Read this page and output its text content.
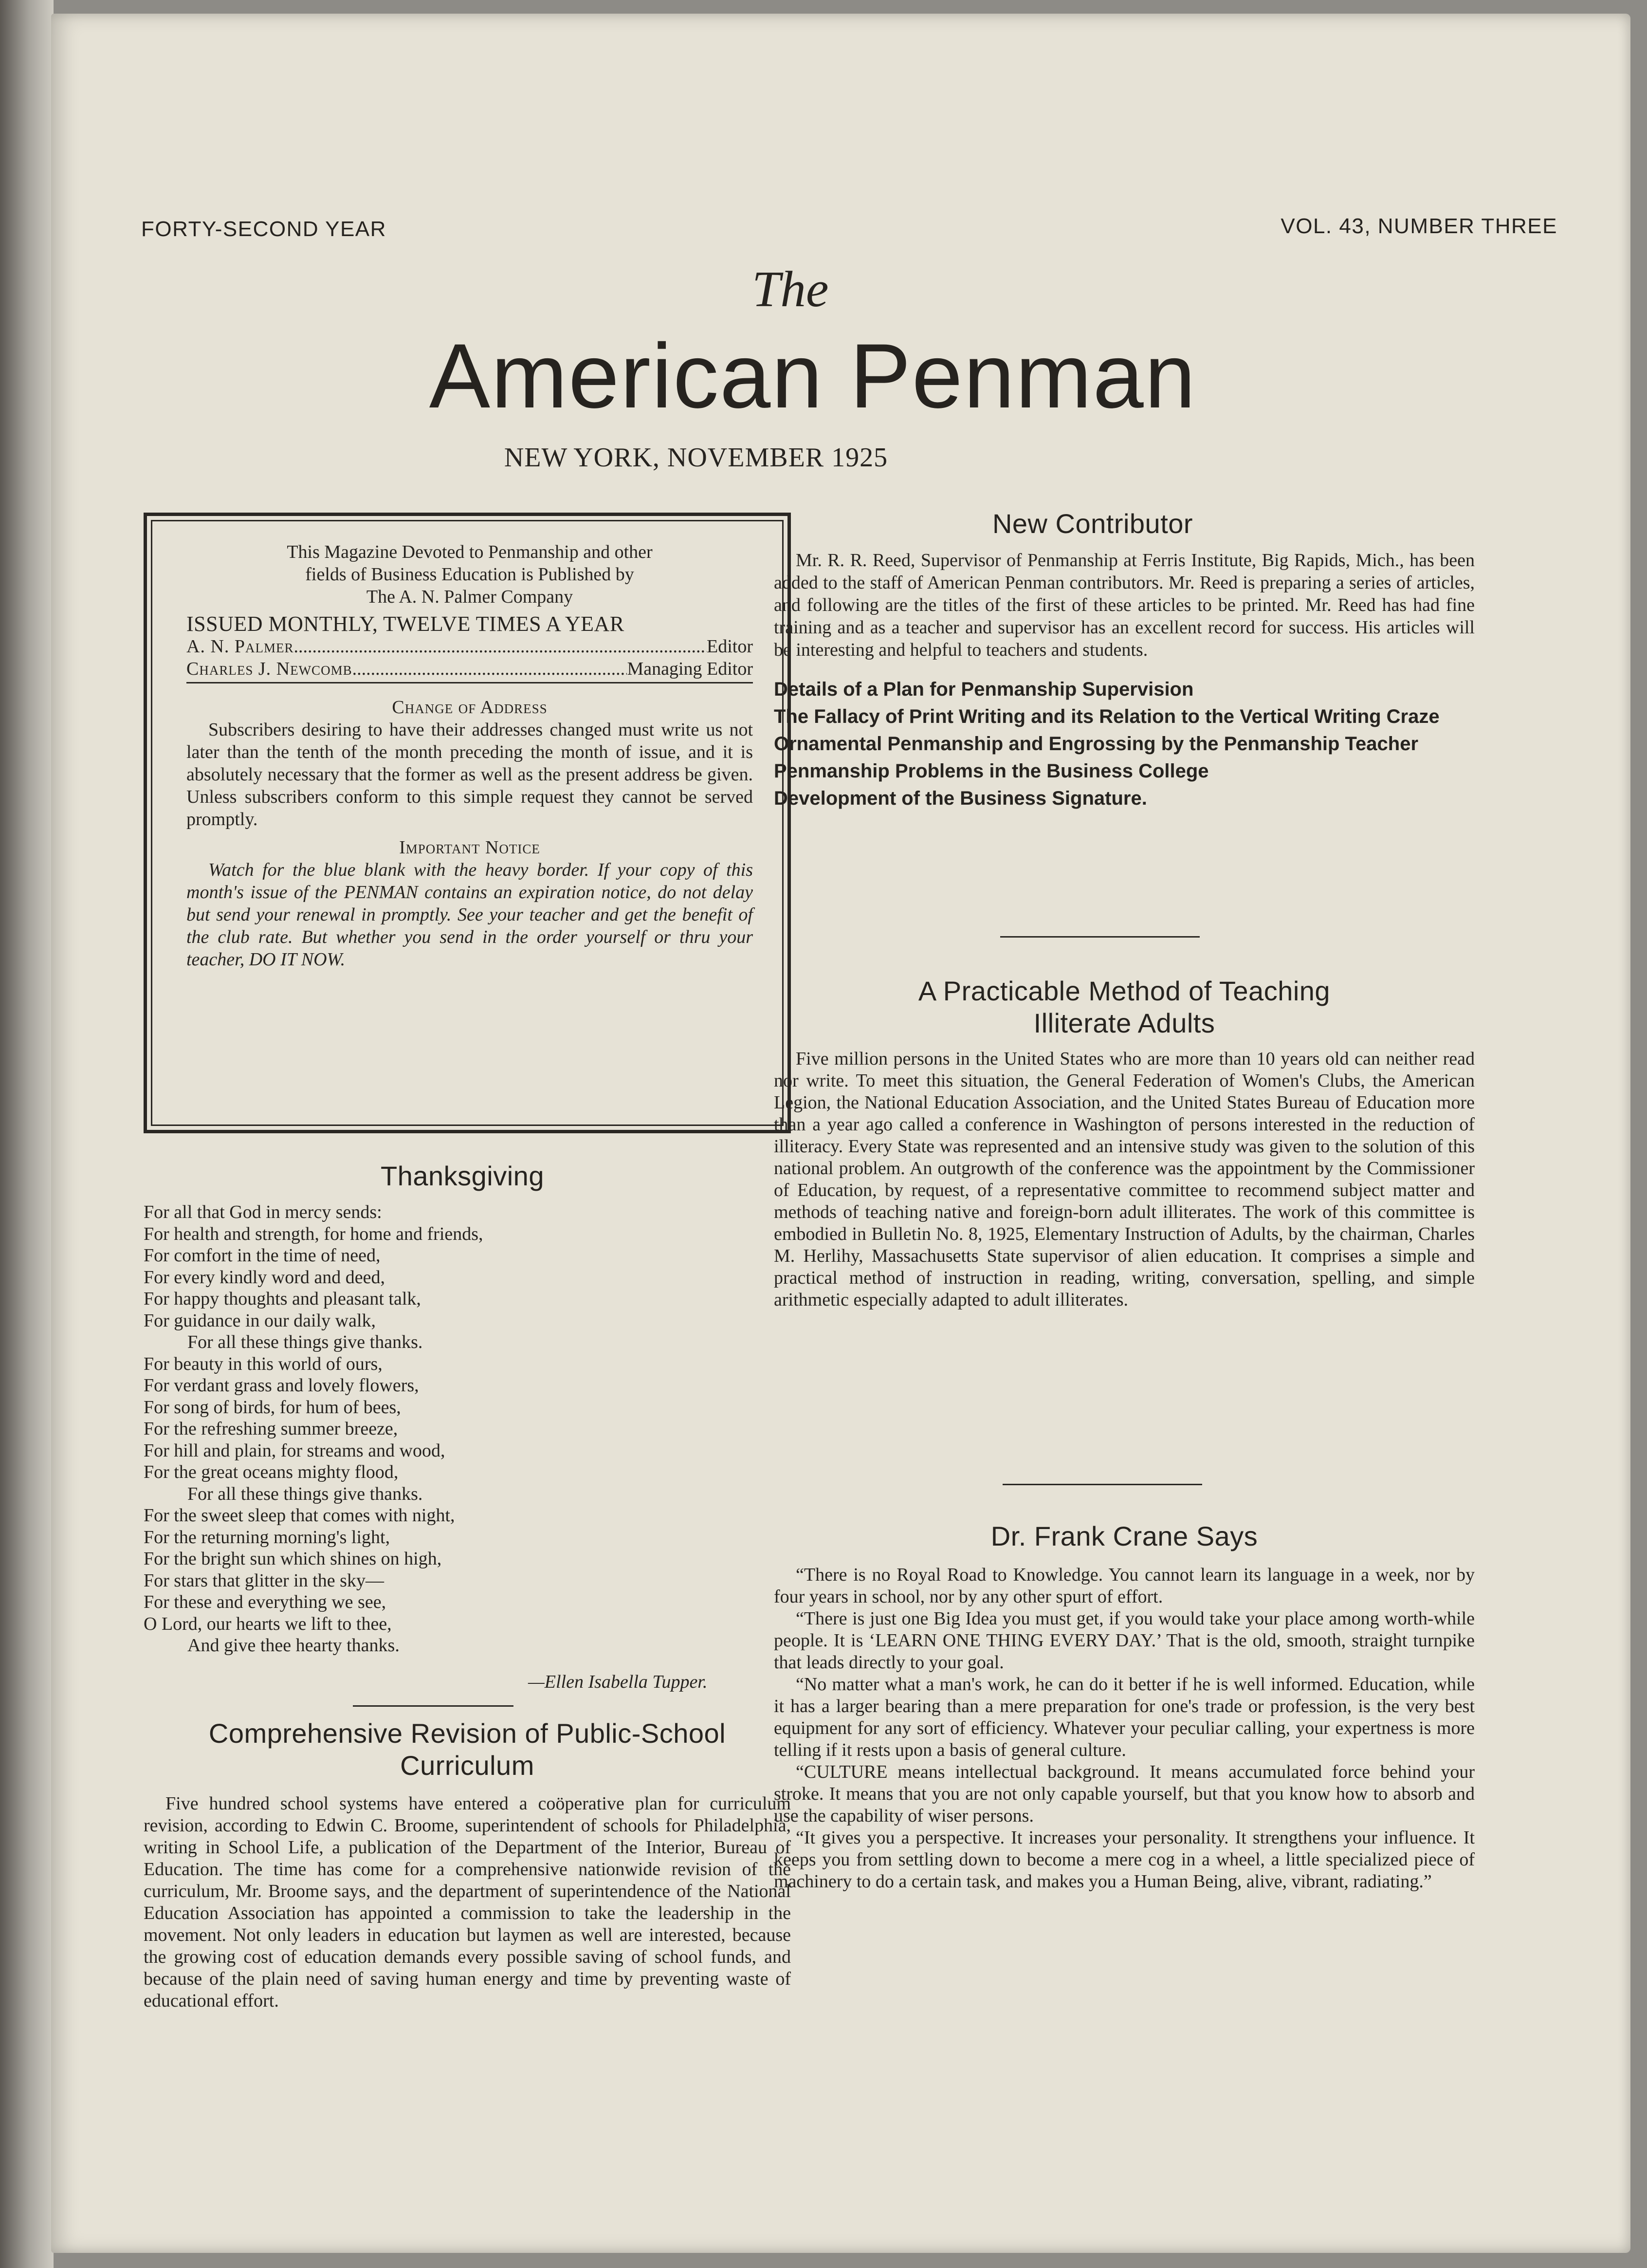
FORTY-SECOND YEAR	VOL. 43, NUMBER THREE
The
American Penman
NEW YORK, NOVEMBER 1925
This Magazine Devoted to Penmanship and other
fields of Business Education is Published by
The A. N. Palmer Company
ISSUED MONTHLY, TWELVE TIMES A YEAR
A. N. Palmer .....	Editor
Charles J. Newcomb .....	Managing Editor
Change of Address

Subscribers desiring to have their addresses changed must write us not later than the tenth of the month preceding the month of issue, and it is absolutely necessary that the former as well as the present address be given. Unless subscribers conform to this simple request they cannot be served promptly.

Important Notice

Watch for the blue blank with the heavy border. If your copy of this month's issue of the PENMAN contains an expiration notice, do not delay but send your renewal in promptly. See your teacher and get the benefit of the club rate. But whether you send in the order yourself or thru your teacher, DO IT NOW.

Thanksgiving

For all that God in mercy sends:

For health and strength, for home and friends,

For comfort in the time of need,

For every kindly word and deed,

For happy thoughts and pleasant talk,

For guidance in our daily walk,

For all these things give thanks.

For beauty in this world of ours,

For verdant grass and lovely flowers,

For song of birds, for hum of bees,

For the refreshing summer breeze,

For hill and plain, for streams and wood,

For the great oceans mighty flood,

For all these things give thanks.

For the sweet sleep that comes with night,

For the returning morning's light,

For the bright sun which shines on high,

For stars that glitter in the sky—

For these and everything we see,

O Lord, our hearts we lift to thee,

And give thee hearty thanks.

—Ellen Isabella Tupper.
Comprehensive Revision of Public-School
Curriculum

Five hundred school systems have entered a coöperative plan for curriculum revision, according to Edwin C. Broome, superintendent of schools for Philadelphia, writing in School Life, a publication of the Department of the Interior, Bureau of Education. The time has come for a comprehensive nationwide revision of the curriculum, Mr. Broome says, and the department of superintendence of the National Education Association has appointed a commission to take the leadership in the movement. Not only leaders in education but laymen as well are interested, because the growing cost of education demands every possible saving of school funds, and because of the plain need of saving human energy and time by preventing waste of educational effort.

New Contributor

Mr. R. R. Reed, Supervisor of Penmanship at Ferris Institute, Big Rapids, Mich., has been added to the staff of American Penman contributors. Mr. Reed is preparing a series of articles, and following are the titles of the first of these articles to be printed. Mr. Reed has had fine training and as a teacher and supervisor has an excellent record for success. His articles will be interesting and helpful to teachers and students.

Details of a Plan for Penmanship Supervision
The Fallacy of Print Writing and its Relation to the Vertical Writing Craze
Ornamental Penmanship and Engrossing by the Penmanship Teacher
Penmanship Problems in the Business College
Development of the Business Signature.
A Practicable Method of Teaching
Illiterate Adults

Five million persons in the United States who are more than 10 years old can neither read nor write. To meet this situation, the General Federation of Women's Clubs, the American Legion, the National Education Association, and the United States Bureau of Education more than a year ago called a conference in Washington of persons interested in the reduction of illiteracy. Every State was represented and an intensive study was given to the solution of this national problem. An outgrowth of the conference was the appointment by the Commissioner of Education, by request, of a representative committee to recommend subject matter and methods of teaching native and foreign-born adult illiterates. The work of this committee is embodied in Bulletin No. 8, 1925, Elementary Instruction of Adults, by the chairman, Charles M. Herlihy, Massachusetts State supervisor of alien education. It comprises a simple and practical method of instruction in reading, writing, conversation, spelling, and simple arithmetic especially adapted to adult illiterates.

Dr. Frank Crane Says

“There is no Royal Road to Knowledge. You cannot learn its language in a week, nor by four years in school, nor by any other spurt of effort.

“There is just one Big Idea you must get, if you would take your place among worth-while people. It is ‘LEARN ONE THING EVERY DAY.’ That is the old, smooth, straight turnpike that leads directly to your goal.

“No matter what a man's work, he can do it better if he is well informed. Education, while it has a larger bearing than a mere preparation for one's trade or profession, is the very best equipment for any sort of efficiency. Whatever your peculiar calling, your expertness is more telling if it rests upon a basis of general culture.

“CULTURE means intellectual background. It means accumulated force behind your stroke. It means that you are not only capable yourself, but that you know how to absorb and use the capability of wiser persons.

“It gives you a perspective. It increases your personality. It strengthens your influence. It keeps you from settling down to become a mere cog in a wheel, a little specialized piece of machinery to do a certain task, and makes you a Human Being, alive, vibrant, radiating.”
